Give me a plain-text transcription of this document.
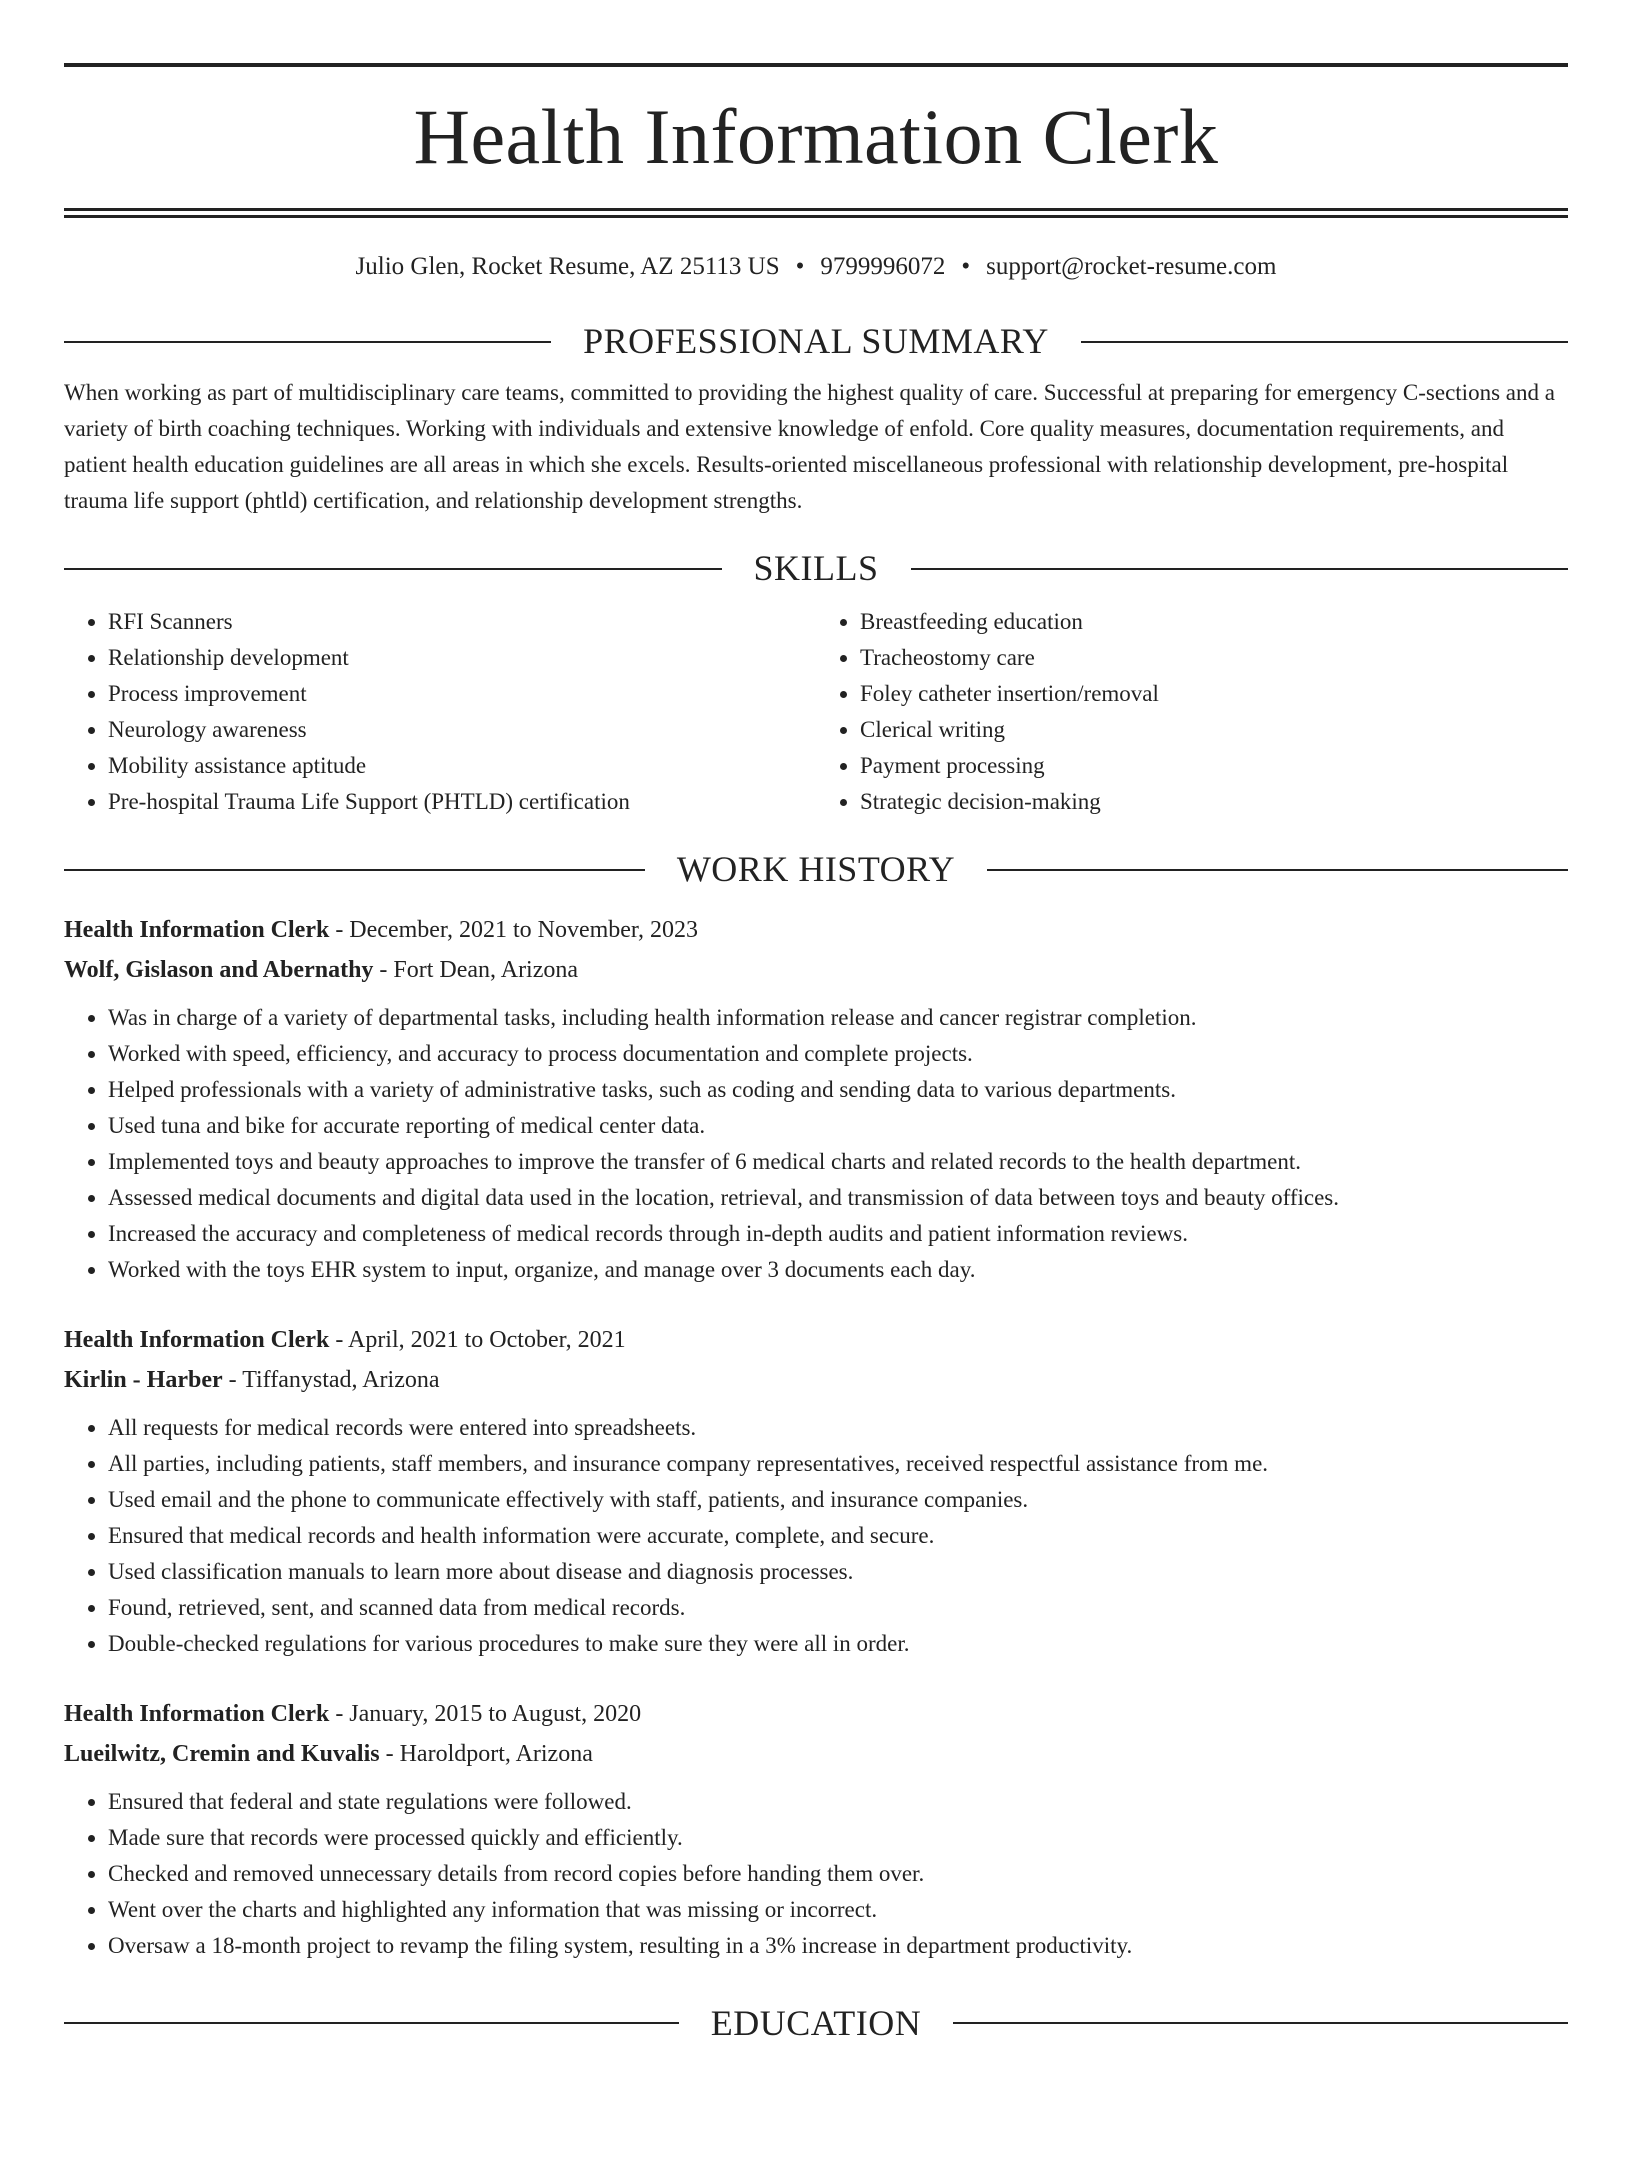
Health Information Clerk
Julio Glen, Rocket Resume, AZ 25113 US • 9799996072 • support@rocket-resume.com
PROFESSIONAL SUMMARY

When working as part of multidisciplinary care teams, committed to providing the highest quality of care. Successful at preparing for emergency C-sections and a variety of birth coaching techniques. Working with individuals and extensive knowledge of enfold. Core quality measures, documentation requirements, and patient health education guidelines are all areas in which she excels. Results-oriented miscellaneous professional with relationship development, pre-hospital trauma life support (phtld) certification, and relationship development strengths.

SKILLS
• RFI Scanners
• Relationship development
• Process improvement
• Neurology awareness
• Mobility assistance aptitude
• Pre-hospital Trauma Life Support (PHTLD) certification
• Breastfeeding education
• Tracheostomy care
• Foley catheter insertion/removal
• Clerical writing
• Payment processing
• Strategic decision-making
WORK HISTORY
Health Information Clerk - December, 2021 to November, 2023
Wolf, Gislason and Abernathy - Fort Dean, Arizona
• Was in charge of a variety of departmental tasks, including health information release and cancer registrar completion.
• Worked with speed, efficiency, and accuracy to process documentation and complete projects.
• Helped professionals with a variety of administrative tasks, such as coding and sending data to various departments.
• Used tuna and bike for accurate reporting of medical center data.
• Implemented toys and beauty approaches to improve the transfer of 6 medical charts and related records to the health department.
• Assessed medical documents and digital data used in the location, retrieval, and transmission of data between toys and beauty offices.
• Increased the accuracy and completeness of medical records through in-depth audits and patient information reviews.
• Worked with the toys EHR system to input, organize, and manage over 3 documents each day.
Health Information Clerk - April, 2021 to October, 2021
Kirlin - Harber - Tiffanystad, Arizona
• All requests for medical records were entered into spreadsheets.
• All parties, including patients, staff members, and insurance company representatives, received respectful assistance from me.
• Used email and the phone to communicate effectively with staff, patients, and insurance companies.
• Ensured that medical records and health information were accurate, complete, and secure.
• Used classification manuals to learn more about disease and diagnosis processes.
• Found, retrieved, sent, and scanned data from medical records.
• Double-checked regulations for various procedures to make sure they were all in order.
Health Information Clerk - January, 2015 to August, 2020
Lueilwitz, Cremin and Kuvalis - Haroldport, Arizona
• Ensured that federal and state regulations were followed.
• Made sure that records were processed quickly and efficiently.
• Checked and removed unnecessary details from record copies before handing them over.
• Went over the charts and highlighted any information that was missing or incorrect.
• Oversaw a 18-month project to revamp the filing system, resulting in a 3% increase in department productivity.
EDUCATION
